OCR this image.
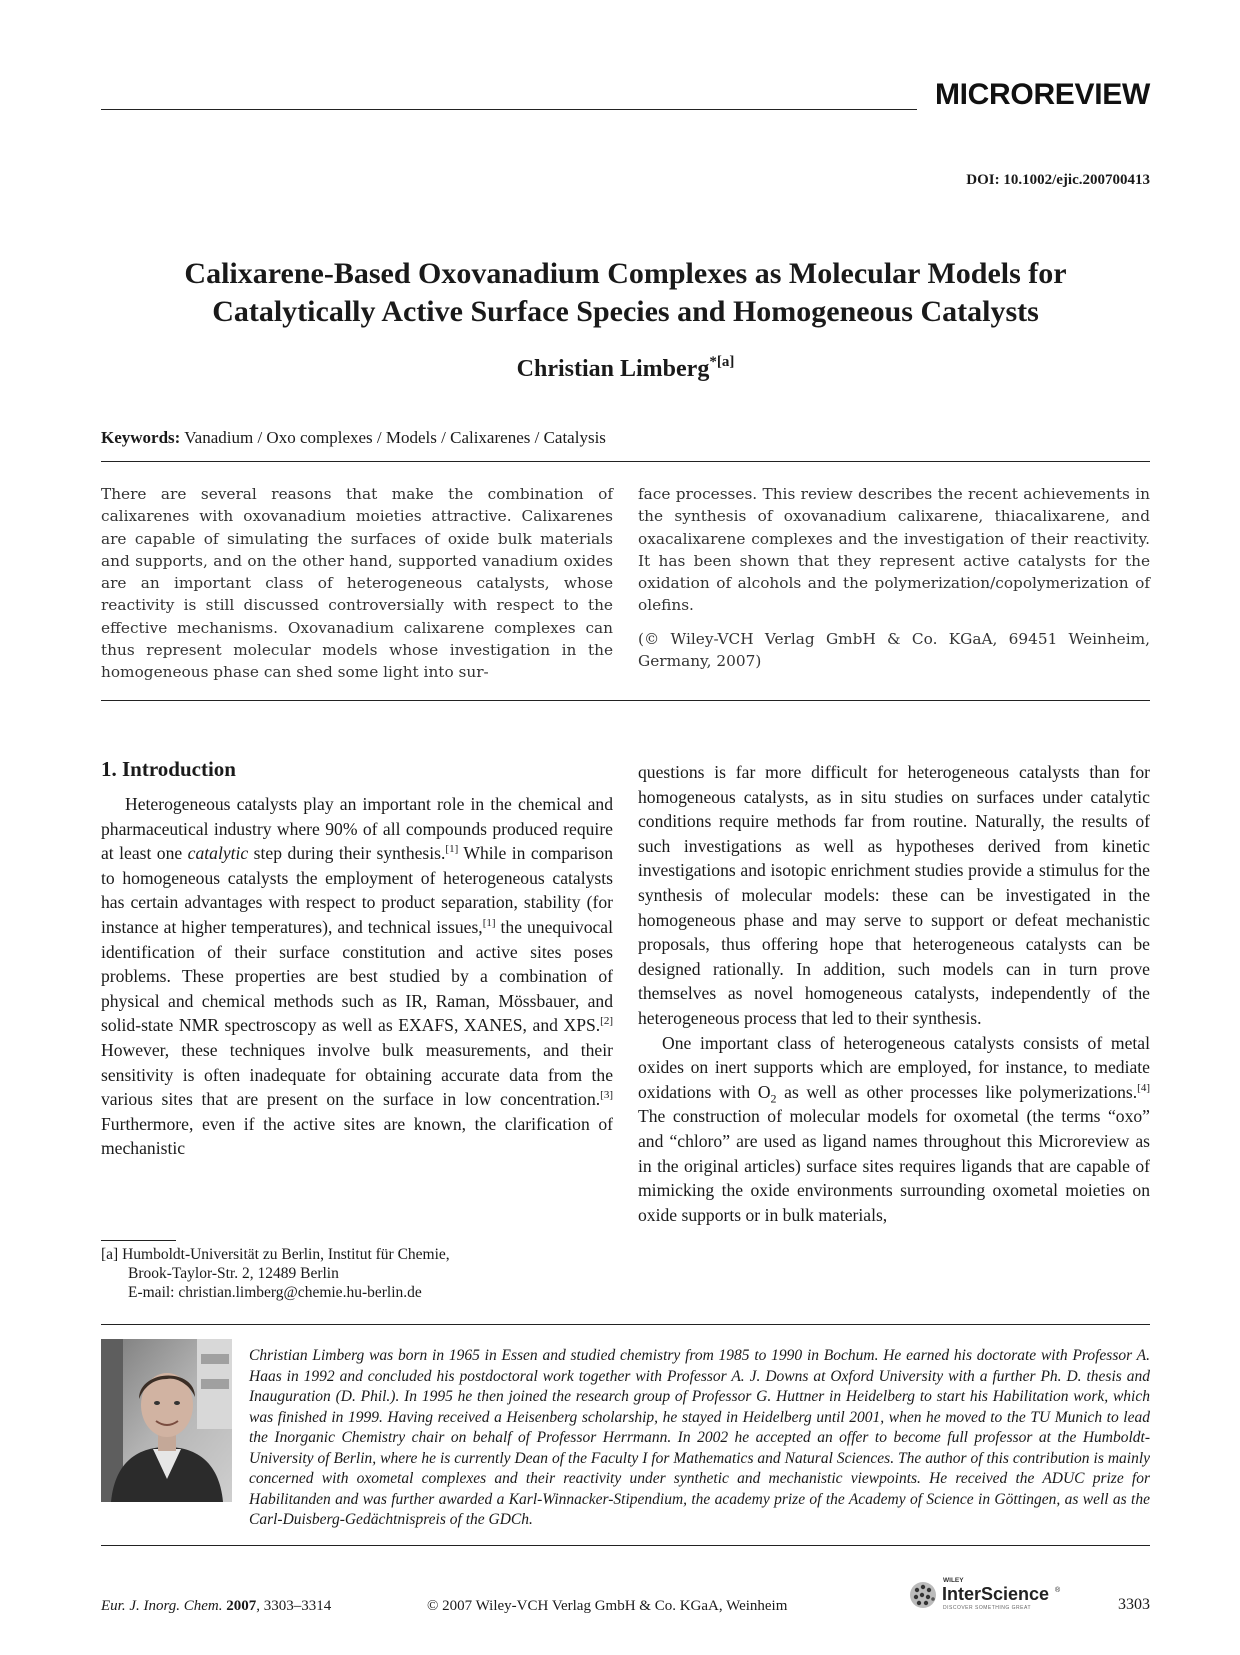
MICROREVIEW
DOI: 10.1002/ejic.200700413
Calixarene-Based Oxovanadium Complexes as Molecular Models for
Catalytically Active Surface Species and Homogeneous Catalysts
Christian Limberg$^{*[a]}$
Keywords: Vanadium / Oxo complexes / Models / Calixarenes / Catalysis

There are several reasons that make the combination of calixarenes with oxovanadium moieties attractive. Calixarenes are capable of simulating the surfaces of oxide bulk materials and supports, and on the other hand, supported vanadium oxides are an important class of heterogeneous catalysts, whose reactivity is still discussed controversially with respect to the effective mechanisms. Oxovanadium calixarene complexes can thus represent molecular models whose investigation in the homogeneous phase can shed some light into sur-

face processes. This review describes the recent achievements in the synthesis of oxovanadium calixarene, thiacalixarene, and oxacalixarene complexes and the investigation of their reactivity. It has been shown that they represent active catalysts for the oxidation of alcohols and the polymerization/copolymerization of olefins.

(© Wiley-VCH Verlag GmbH & Co. KGaA, 69451 Weinheim, Germany, 2007)

1. Introduction

Heterogeneous catalysts play an important role in the chemical and pharmaceutical industry where 90% of all compounds produced require at least one catalytic step during their synthesis.[1] While in comparison to homogeneous catalysts the employment of heterogeneous catalysts has certain advantages with respect to product separation, stability (for instance at higher temperatures), and technical issues,[1] the unequivocal identification of their surface constitution and active sites poses problems. These properties are best studied by a combination of physical and chemical methods such as IR, Raman, Mössbauer, and solid-state NMR spectroscopy as well as EXAFS, XANES, and XPS.[2] However, these techniques involve bulk measurements, and their sensitivity is often inadequate for obtaining accurate data from the various sites that are present on the surface in low concentration.[3] Furthermore, even if the active sites are known, the clarification of mechanistic

questions is far more difficult for heterogeneous catalysts than for homogeneous catalysts, as in situ studies on surfaces under catalytic conditions require methods far from routine. Naturally, the results of such investigations as well as hypotheses derived from kinetic investigations and isotopic enrichment studies provide a stimulus for the synthesis of molecular models: these can be investigated in the homogeneous phase and may serve to support or defeat mechanistic proposals, thus offering hope that heterogeneous catalysts can be designed rationally. In addition, such models can in turn prove themselves as novel homogeneous catalysts, independently of the heterogeneous process that led to their synthesis.

One important class of heterogeneous catalysts consists of metal oxides on inert supports which are employed, for instance, to mediate oxidations with $O_2$ as well as other processes like polymerizations.[4] The construction of molecular models for oxometal (the terms “oxo” and “chloro” are used as ligand names throughout this Microreview as in the original articles) surface sites requires ligands that are capable of mimicking the oxide environments surrounding oxometal moieties on oxide supports or in bulk materials,

[a] Humboldt-Universität zu Berlin, Institut für Chemie,
Brook-Taylor-Str. 2, 12489 Berlin
E-mail: christian.limberg@chemie.hu-berlin.de
Christian Limberg was born in 1965 in Essen and studied chemistry from 1985 to 1990 in Bochum. He earned his doctorate with Professor A. Haas in 1992 and concluded his postdoctoral work together with Professor A. J. Downs at Oxford University with a further Ph. D. thesis and Inauguration (D. Phil.). In 1995 he then joined the research group of Professor G. Huttner in Heidelberg to start his Habilitation work, which was finished in 1999. Having received a Heisenberg scholarship, he stayed in Heidelberg until 2001, when he moved to the TU Munich to lead the Inorganic Chemistry chair on behalf of Professor Herrmann. In 2002 he accepted an offer to become full professor at the Humboldt-University of Berlin, where he is currently Dean of the Faculty I for Mathematics and Natural Sciences. The author of this contribution is mainly concerned with oxometal complexes and their reactivity under synthetic and mechanistic viewpoints. He received the ADUC prize for Habilitanden and was further awarded a Karl-Winnacker-Stipendium, the academy prize of the Academy of Science in Göttingen, as well as the Carl-Duisberg-Gedächtnispreis of the GDCh.
Eur. J. Inorg. Chem. 2007, 3303–3314	© 2007 Wiley-VCH Verlag GmbH & Co. KGaA, Weinheim
WILEY
InterScience ®
DISCOVER SOMETHING GREAT	3303
